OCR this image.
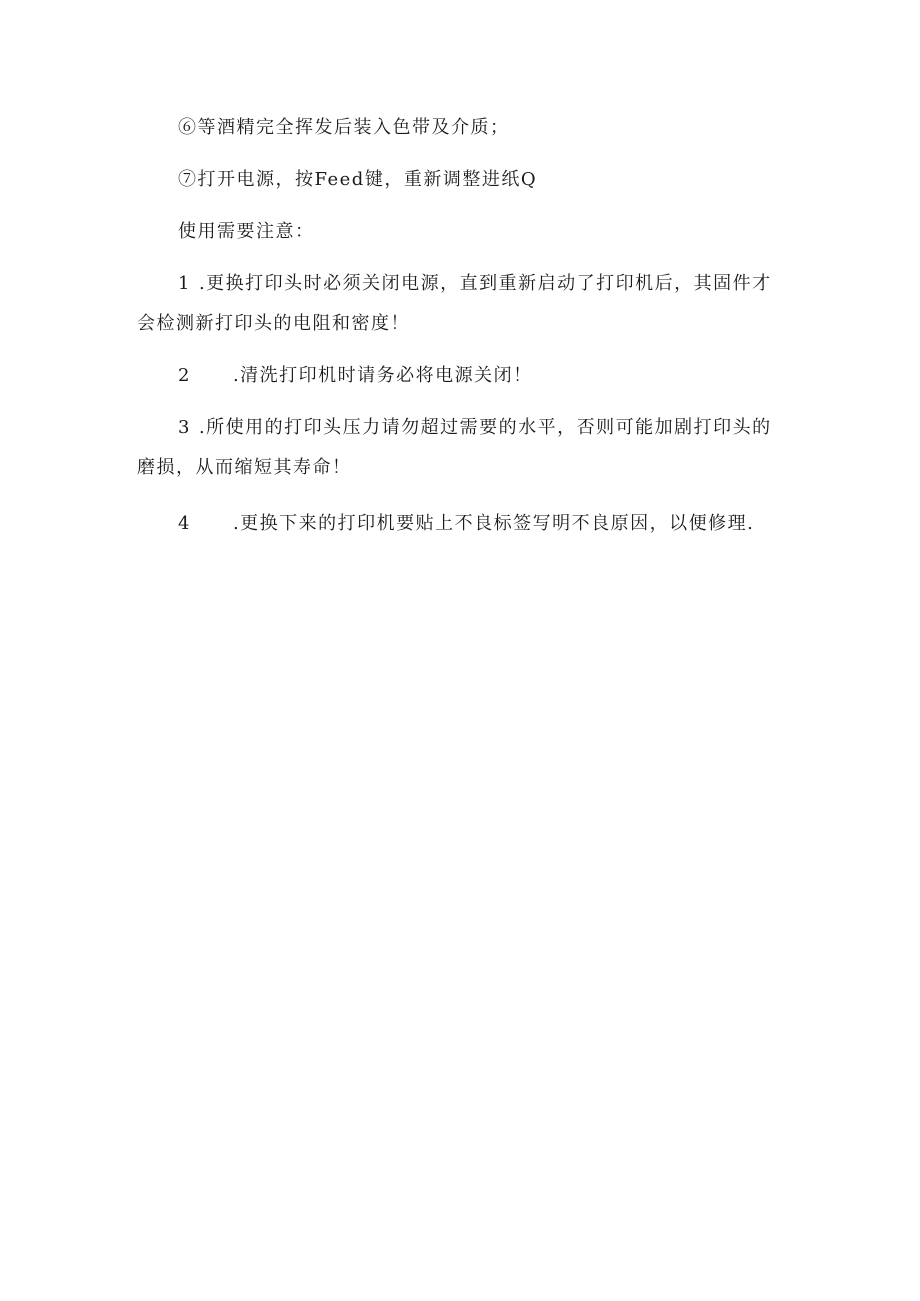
⑥等酒精完全挥发后装入色带及介质；
⑦打开电源，按Feed键，重新调整进纸Q
使用需要注意：
1 .更换打印头时必须关闭电源，直到重新启动了打印机后，其固件才
会检测新打印头的电阻和密度！
2 .清洗打印机时请务必将电源关闭！
3 .所使用的打印头压力请勿超过需要的水平，否则可能加剧打印头的
磨损，从而缩短其寿命！
4 .更换下来的打印机要贴上不良标签写明不良原因，以便修理.
